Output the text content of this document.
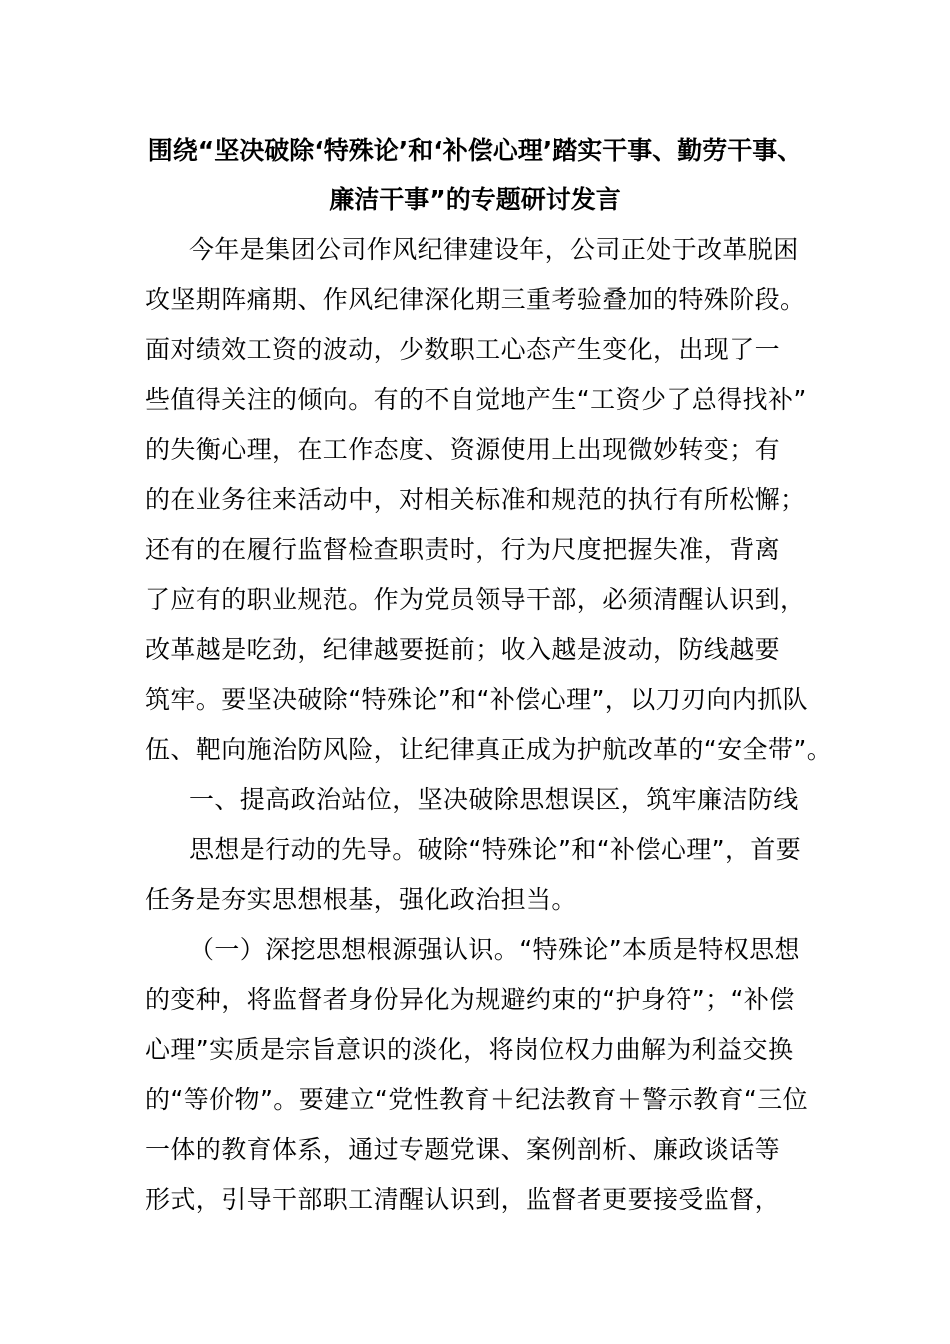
围绕“坚决破除‘特殊论’和‘补偿心理’踏实干事、勤劳干事、
廉洁干事”的专题研讨发言
今年是集团公司作风纪律建设年，公司正处于改革脱困
攻坚期阵痛期、作风纪律深化期三重考验叠加的特殊阶段。
面对绩效工资的波动，少数职工心态产生变化，出现了一
些值得关注的倾向。有的不自觉地产生“工资少了总得找补”
的失衡心理，在工作态度、资源使用上出现微妙转变；有
的在业务往来活动中，对相关标准和规范的执行有所松懈；
还有的在履行监督检查职责时，行为尺度把握失准，背离
了应有的职业规范。作为党员领导干部，必须清醒认识到，
改革越是吃劲，纪律越要挺前；收入越是波动，防线越要
筑牢。要坚决破除“特殊论”和“补偿心理”，以刀刃向内抓队
伍、靶向施治防风险，让纪律真正成为护航改革的“安全带”。
一、提高政治站位，坚决破除思想误区，筑牢廉洁防线
思想是行动的先导。破除“特殊论”和“补偿心理”，首要
任务是夯实思想根基，强化政治担当。
（一）深挖思想根源强认识。“特殊论”本质是特权思想
的变种，将监督者身份异化为规避约束的“护身符”；“补偿
心理”实质是宗旨意识的淡化，将岗位权力曲解为利益交换
的“等价物”。要建立“党性教育＋纪法教育＋警示教育“三位
一体的教育体系，通过专题党课、案例剖析、廉政谈话等
形式，引导干部职工清醒认识到，监督者更要接受监督，
